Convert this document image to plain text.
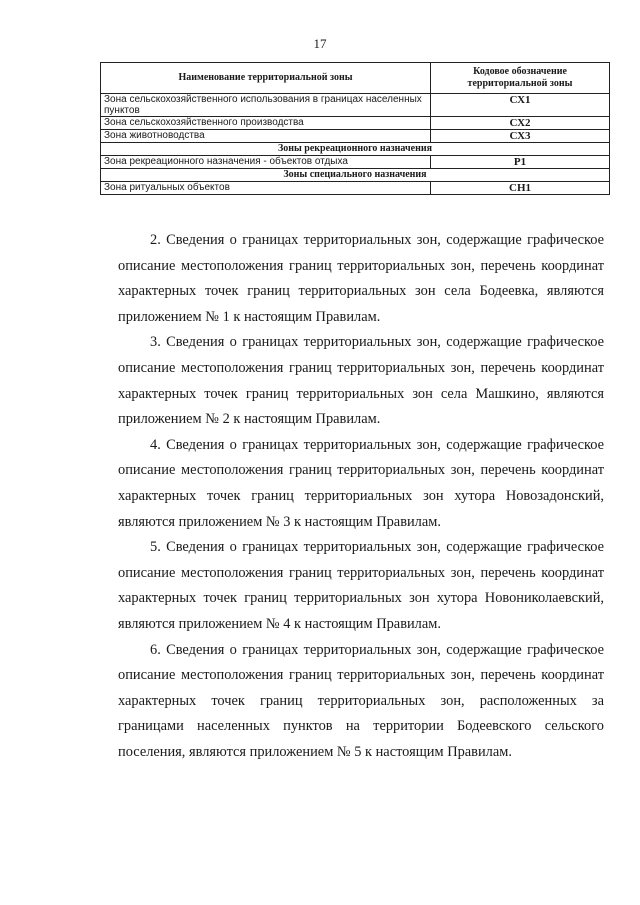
17
Наименование территориальной зоны	Кодовое обозначение территориальной зоны
Зона сельскохозяйственного использования в границах населенных пунктов	СХ1
Зона сельскохозяйственного производства	СХ2
Зона животноводства	СХ3
Зоны рекреационного назначения	
Зона рекреационного назначения - объектов отдыха	Р1
Зоны специального назначения	
Зона ритуальных объектов	СН1

2. Сведения о границах территориальных зон, содержащие графическое описание местоположения границ территориальных зон, перечень координат характерных точек границ территориальных зон села Бодеевка, являются приложением № 1 к настоящим Правилам.

3. Сведения о границах территориальных зон, содержащие графическое описание местоположения границ территориальных зон, перечень координат характерных точек границ территориальных зон села Машкино, являются приложением № 2 к настоящим Правилам.

4. Сведения о границах территориальных зон, содержащие графическое описание местоположения границ территориальных зон, перечень координат характерных точек границ территориальных зон хутора Новозадонский, являются приложением № 3 к настоящим Правилам.

5. Сведения о границах территориальных зон, содержащие графическое описание местоположения границ территориальных зон, перечень координат характерных точек границ территориальных зон хутора Новониколаевский, являются приложением № 4 к настоящим Правилам.

6. Сведения о границах территориальных зон, содержащие графическое описание местоположения границ территориальных зон, перечень координат характерных точек границ территориальных зон, расположенных за границами населенных пунктов на территории Бодеевского сельского поселения, являются приложением № 5 к настоящим Правилам.
